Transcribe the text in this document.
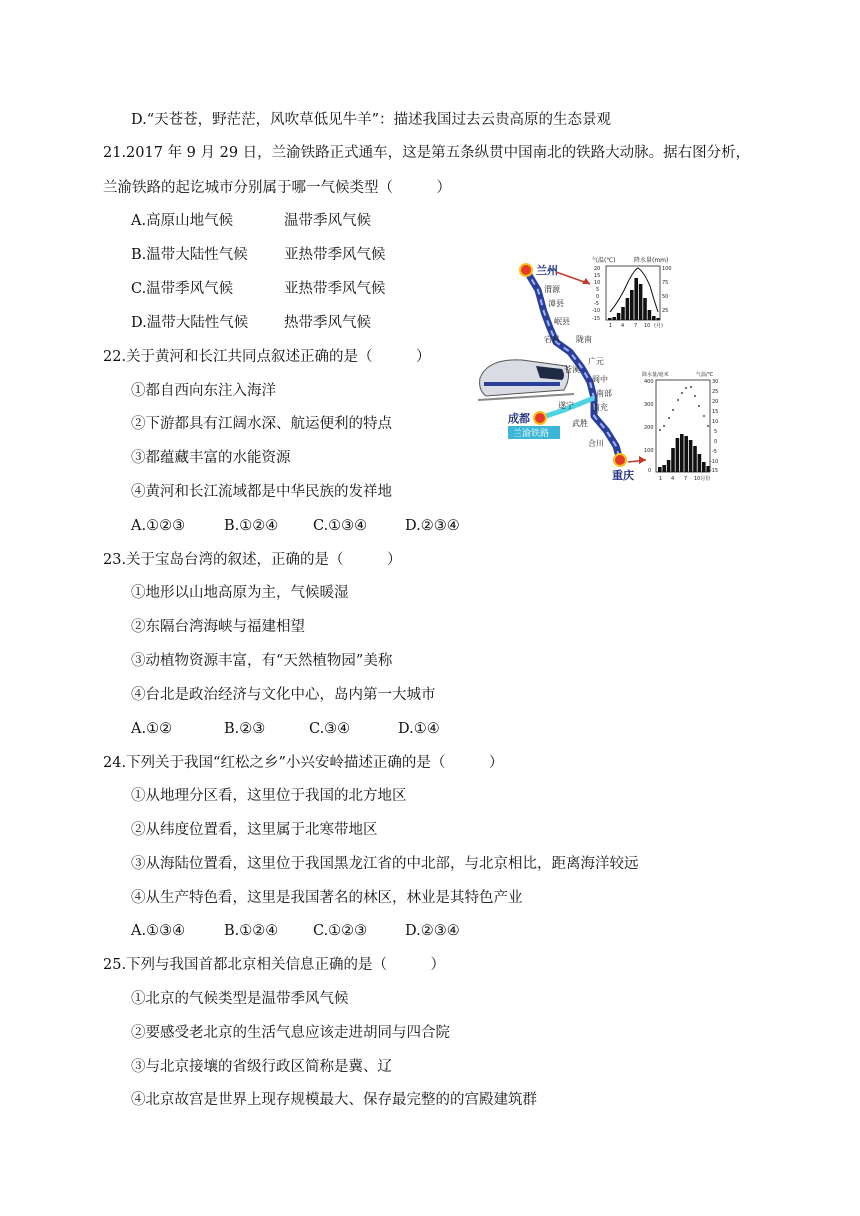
D.“天苍苍，野茫茫，风吹草低见牛羊”：描述我国过去云贵高原的生态景观
21.2017 年 9 月 29 日，兰渝铁路正式通车，这是第五条纵贯中国南北的铁路大动脉。据右图分析，
兰渝铁路的起讫城市分别属于哪一气候类型（　　　）
A.高原山地气候	温带季风气候
B.温带大陆性气候 亚热带季风气候
C.温带季风气候	亚热带季风气候
D.温带大陆性气候 热带季风气候
22.关于黄河和长江共同点叙述正确的是（　　　）
①都自西向东注入海洋
②下游都具有江阔水深、航运便利的特点
③都蕴藏丰富的水能资源
④黄河和长江流域都是中华民族的发祥地
A.①②③	B.①②④ C.①③④	D.②③④
23.关于宝岛台湾的叙述，正确的是（　　　）
①地形以山地高原为主，气候暖湿
②东隔台湾海峡与福建相望
③动植物资源丰富，有“天然植物园”美称
④台北是政治经济与文化中心，岛内第一大城市
A.①②	B.②③	C.③④	D.①④
24.下列关于我国“红松之乡”小兴安岭描述正确的是（　　　）
①从地理分区看，这里位于我国的北方地区
②从纬度位置看，这里属于北寒带地区
③从海陆位置看，这里位于我国黑龙江省的中北部，与北京相比，距离海洋较远
④从生产特色看，这里是我国著名的林区，林业是其特色产业
A.①③④	B.①②④ C.①②③	D.②③④
25.下列与我国首都北京相关信息正确的是（　　　）
①北京的气候类型是温带季风气候
②要感受老北京的生活气息应该走进胡同与四合院
③与北京接壤的省级行政区简称是冀、辽
④北京故宫是世界上现存规模最大、保存最完整的的宫殿建筑群
兰州
渭源
漳县
岷县
宕昌 陇南
广元
苍溪
阆中
南部
南充
遂宁
武胜
合川
重庆
成都
兰渝铁路
气温(℃)	降水量(mm)
20
15
10
5
0
-5
-10
-15
100
75
50
25
1 4 7 10 (月)
降水量/毫米	气温/℃
400
300
200
100
0
30
25
20
15
10
5
0
-5
-10
-15
1 4 7 10月份
